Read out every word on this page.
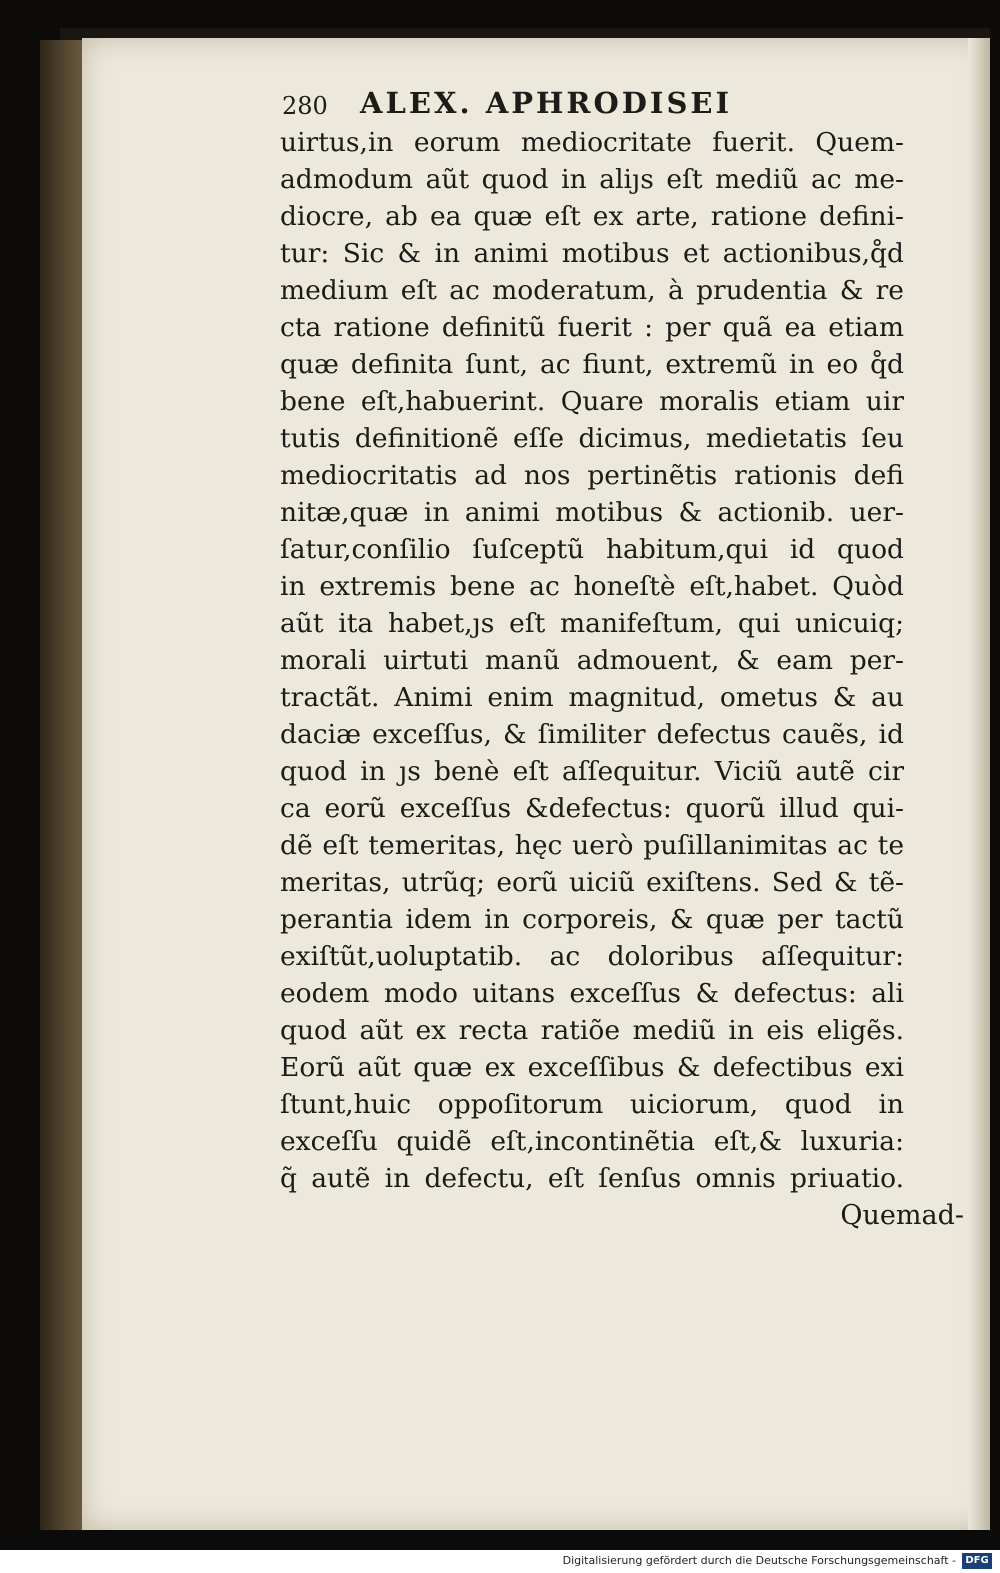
280 ALEX. APHRODISEI
uirtus,in eorum mediocritate fuerit. Quem-
admodum aũt quod in aliȷs eſt mediũ ac me-
diocre, ab ea quæ eſt ex arte, ratione defini-
tur: Sic & in animi motibus et actionibus,q̊d
medium eſt ac moderatum, à prudentia & re
cta ratione definitũ fuerit : per quã ea etiam
quæ definita ſunt, ac fiunt, extremũ in eo q̊d
bene eſt,habuerint. Quare moralis etiam uir
tutis definitionẽ eſſe dicimus, medietatis ſeu
mediocritatis ad nos pertinẽtis rationis defi
nitæ,quæ in animi motibus & actionib. uer-
ſatur,conſilio ſuſceptũ habitum,qui id quod
in extremis bene ac honeſtè eſt,habet. Quòd
aũt ita habet,ȷs eſt manifeſtum, qui unicuiq;
morali uirtuti manũ admouent, & eam per-
tractãt. Animi enim magnitud, ometus & au
daciæ exceſſus, & ſimiliter defectus cauẽs, id
quod in ȷs benè eſt aſſequitur. Viciũ autẽ cir
ca eorũ exceſſus &defectus: quorũ illud qui-
dẽ eſt temeritas, hęc uerò puſillanimitas ac te
meritas, utrũq; eorũ uiciũ exiſtens. Sed & tẽ-
perantia idem in corporeis, & quæ per tactũ
exiſtũt,uoluptatib. ac doloribus aſſequitur:
eodem modo uitans exceſſus & defectus: ali
quod aũt ex recta ratiõe mediũ in eis eligẽs.
Eorũ aũt quæ ex exceſſibus & defectibus exi
ſtunt,huic oppoſitorum uiciorum, quod in
exceſſu quidẽ eſt,incontinẽtia eſt,& luxuria:
q̃ autẽ in defectu, eſt ſenſus omnis priuatio.
Quemad-
Digitalisierung gefördert durch die Deutsche Forschungsgemeinschaft - DFG
